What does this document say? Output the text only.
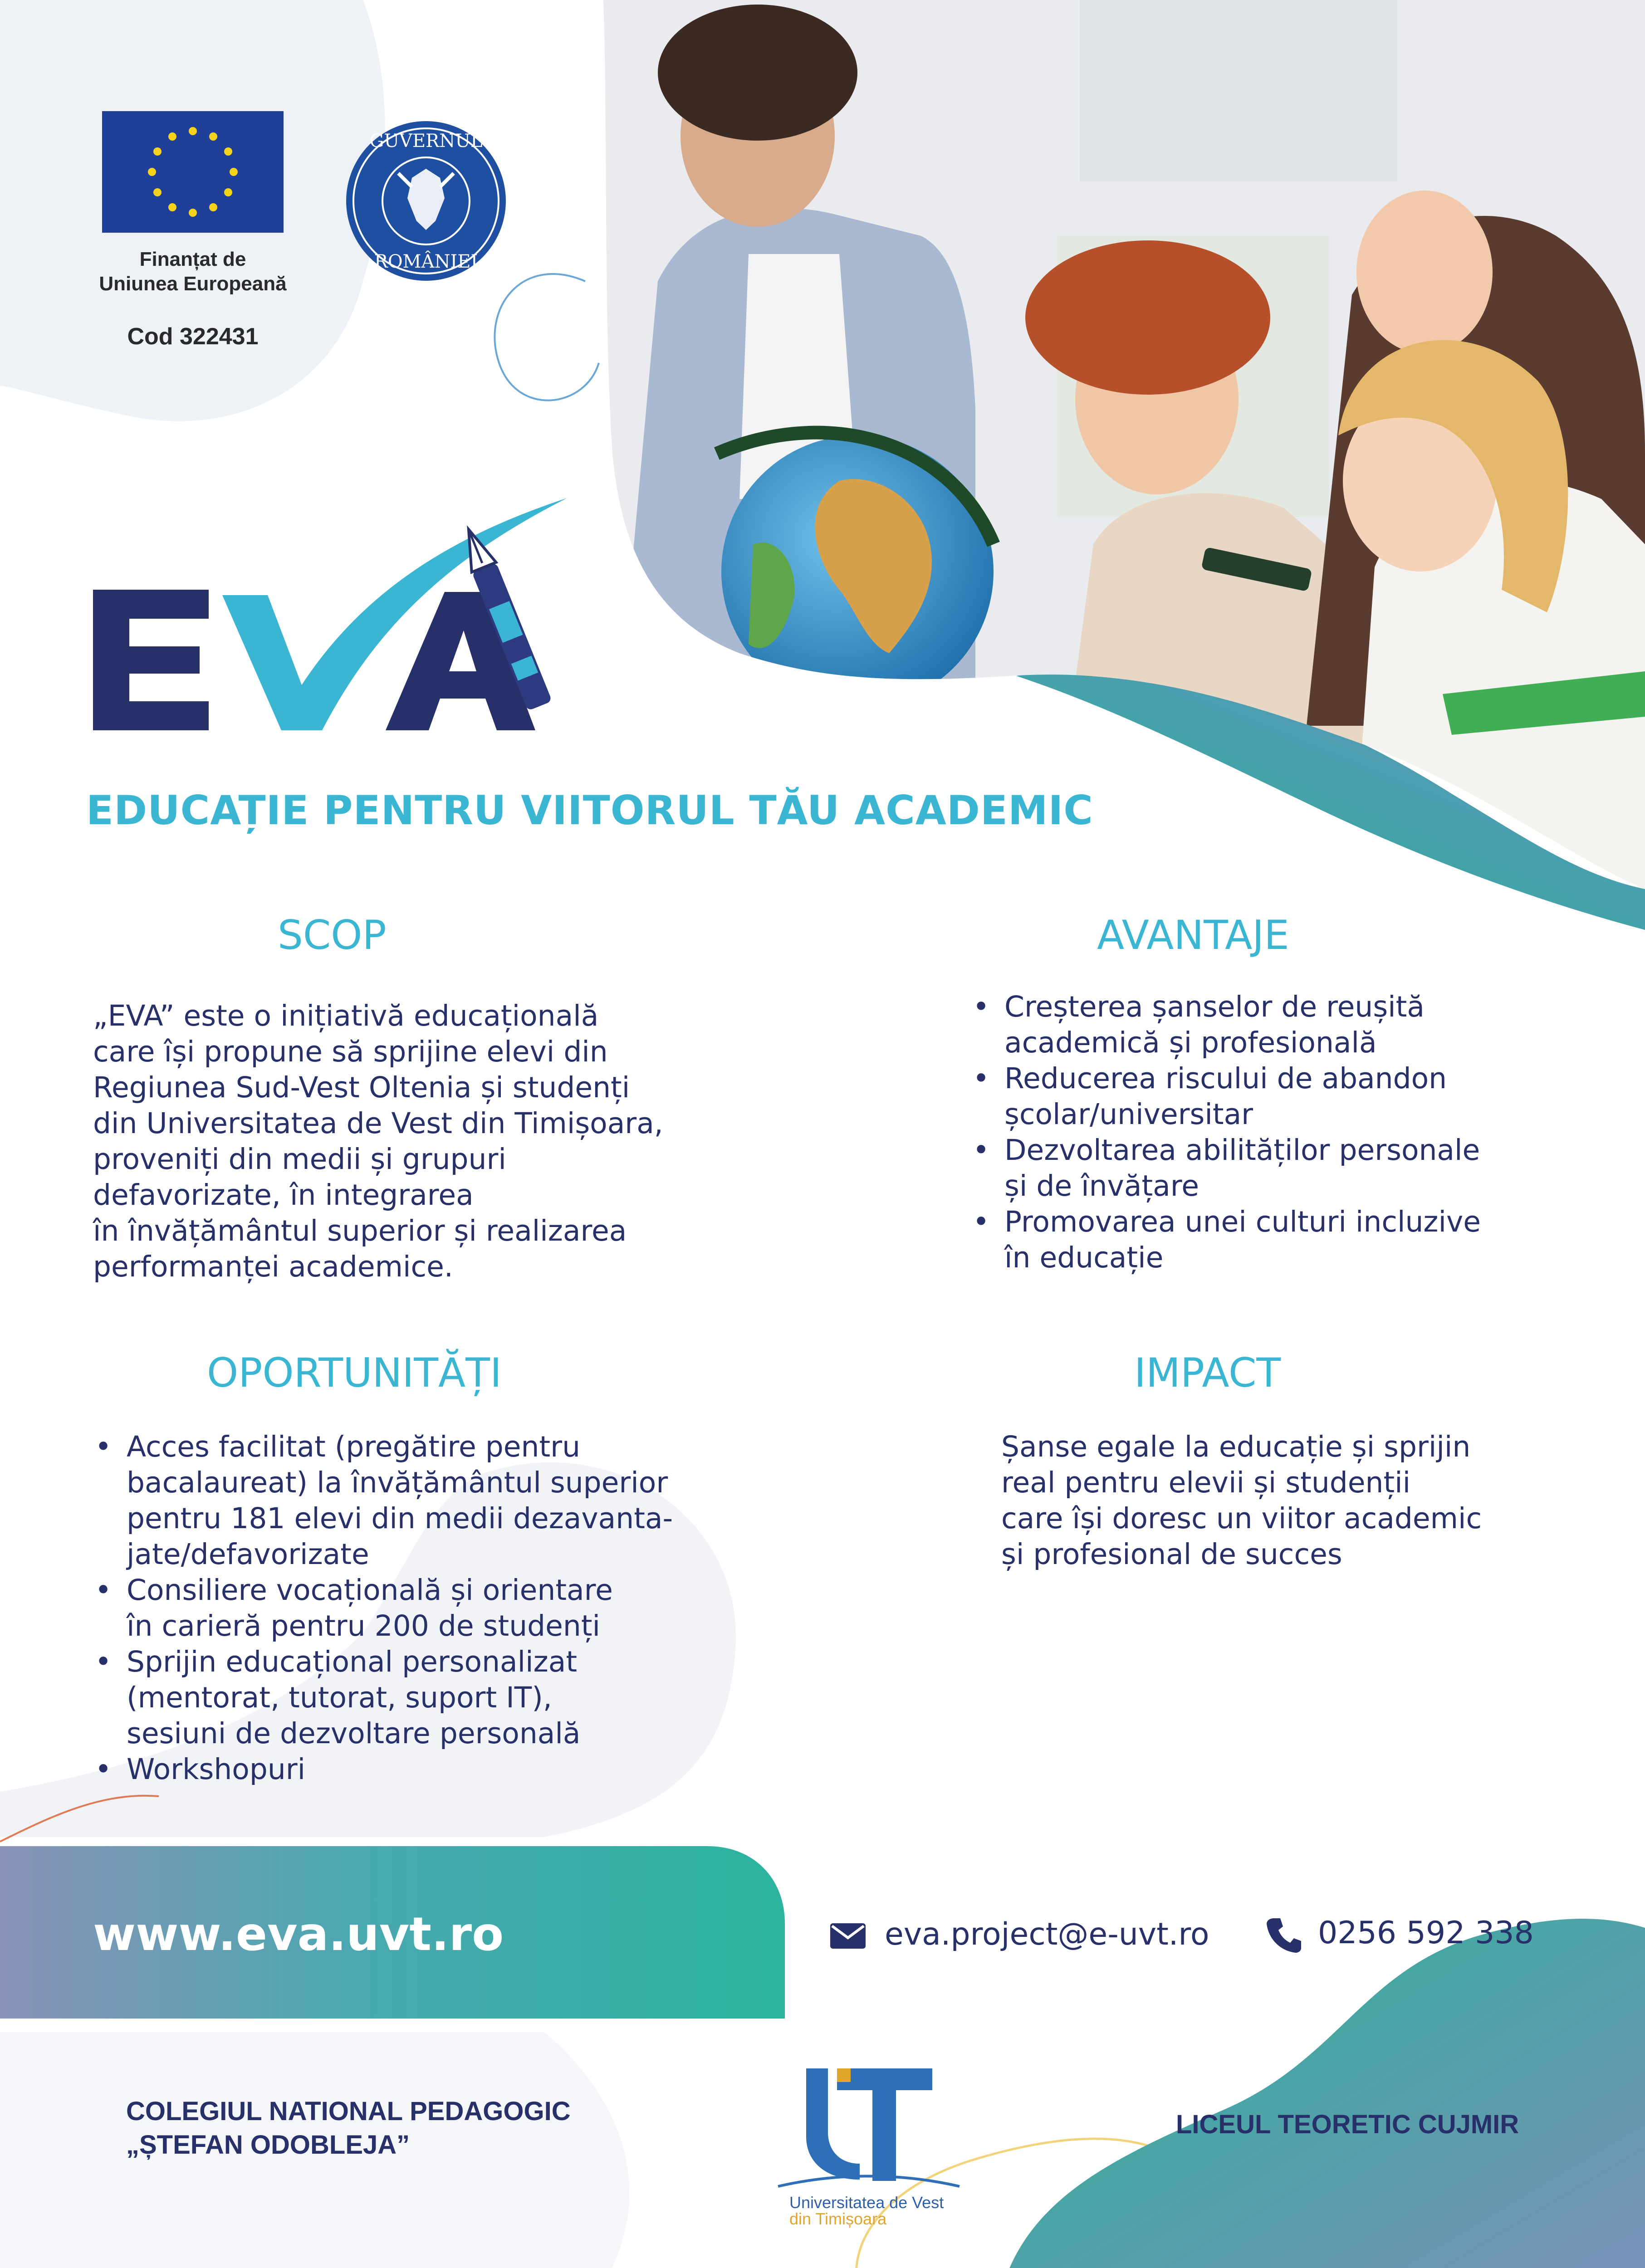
Finanțat de
Uniunea Europeană
Cod 322431
GUVERNUL
ROMÂNIEI
EDUCAȚIE PENTRU VIITORUL TĂU ACADEMIC
SCOP

„EVA” este o inițiativă educațională

care își propune să sprijine elevi din

Regiunea Sud-Vest Oltenia și studenți

din Universitatea de Vest din Timișoara,

proveniți din medii și grupuri

defavorizate, în integrarea

în învățământul superior și realizarea

performanței academice.

AVANTAJE
• Creșterea șanselor de reușită
academică și profesională
• Reducerea riscului de abandon
școlar/universitar
• Dezvoltarea abilităților personale
și de învățare
• Promovarea unei culturi incluzive
în educație
OPORTUNITĂȚI
• Acces facilitat (pregătire pentru
bacalaureat) la învățământul superior
pentru 181 elevi din medii dezavanta-
jate/defavorizate
• Consiliere vocațională și orientare
în carieră pentru 200 de studenți
• Sprijin educațional personalizat
(mentorat, tutorat, suport IT),
sesiuni de dezvoltare personală
• Workshopuri
IMPACT

Șanse egale la educație și sprijin

real pentru elevii și studenții

care își doresc un viitor academic

și profesional de succes

www.eva.uvt.ro	eva.project@e-uvt.ro	0256 592 338
COLEGIUL NATIONAL PEDAGOGIC
„ȘTEFAN ODOBLEJA”
Universitatea de Vest
din Timișoara
LICEUL TEORETIC CUJMIR
